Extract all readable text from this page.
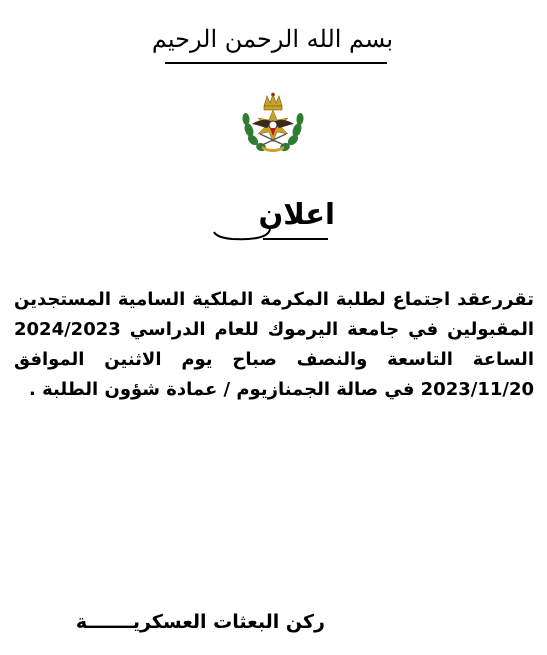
بسم الله الرحمن الرحيم
اعلان

تقررعقد اجتماع لطلبة المكرمة الملكية السامية المستجدين المقبولين في جامعة اليرموك للعام الدراسي 2024/2023 الساعة التاسعة والنصف صباح يوم الاثنين الموافق 2023/11/20 في صالة الجمنازيوم / عمادة شؤون الطلبة .

ركن البعثات العسكريـــــــة
